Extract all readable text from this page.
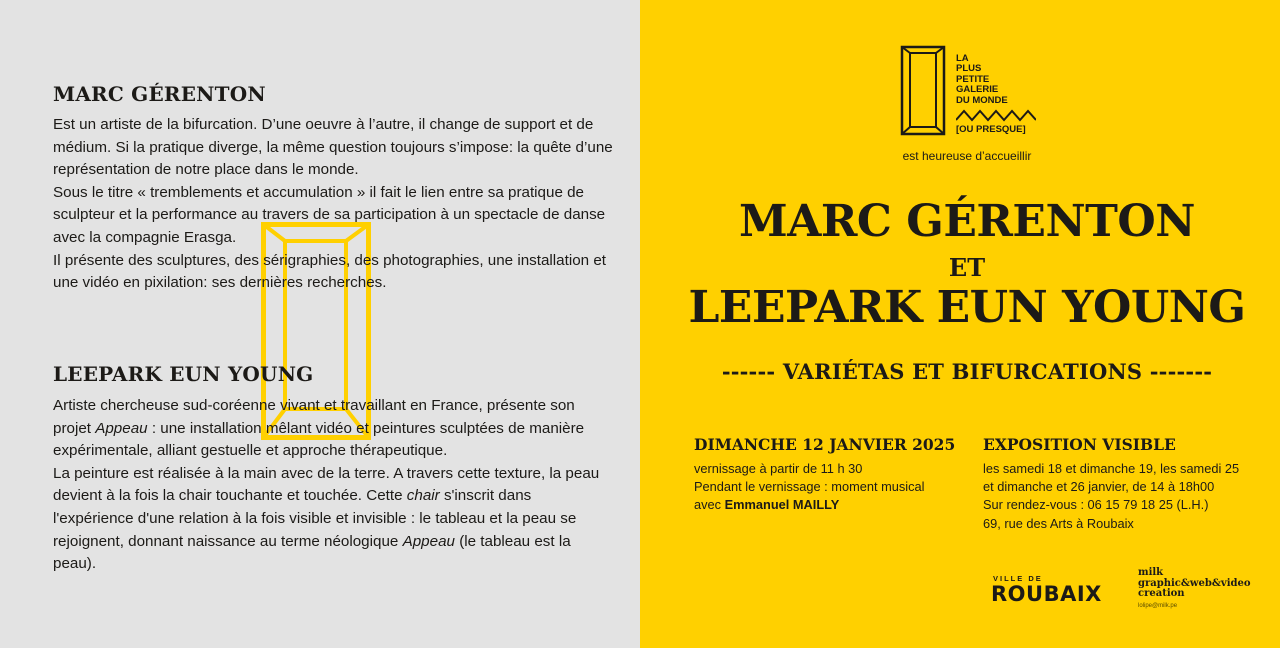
MARC GÉRENTON

Est un artiste de la bifurcation. D’une oeuvre à l’autre, il change de support et de médium. Si la pratique diverge, la même question toujours s’impose: la quête d’une représentation de notre place dans le monde.

Sous le titre « tremblements et accumulation » il fait le lien entre sa pratique de sculpteur et la performance au travers de sa participation à un spectacle de danse avec la compagnie Erasga.

Il présente des sculptures, des sérigraphies, des photographies, une installation et une vidéo en pixilation: ses dernières recherches.

LEEPARK EUN YOUNG

Artiste chercheuse sud-coréenne vivant et travaillant en France, présente son projet Appeau : une installation mêlant vidéo et peintures sculptées de manière expérimentale, alliant gestuelle et approche thérapeutique.

La peinture est réalisée à la main avec de la terre. A travers cette texture, la peau devient à la fois la chair touchante et touchée. Cette chair s'inscrit dans l'expérience d'une relation à la fois visible et invisible : le tableau et la peau se rejoignent, donnant naissance au terme néologique Appeau (le tableau est la peau).

LA
PLUS
PETITE
GALERIE
DU MONDE
[OU PRESQUE]
est heureuse d’accueillir
MARC GÉRENTON
ET
LEEPARK EUN YOUNG
------ VARIÉTAS ET BIFURCATIONS -------
DIMANCHE 12 JANVIER 2025
vernissage à partir de 11 h 30
Pendant le vernissage : moment musical
avec Emmanuel MAILLY
EXPOSITION VISIBLE
les samedi 18 et dimanche 19, les samedi 25
et dimanche et 26 janvier, de 14 à 18h00
Sur rendez-vous : 06 15 79 18 25 (L.H.)
69, rue des Arts à Roubaix
VILLE DE
ROUBAIX
milk
graphic&web&video
creation
lolipe@milk.pe
